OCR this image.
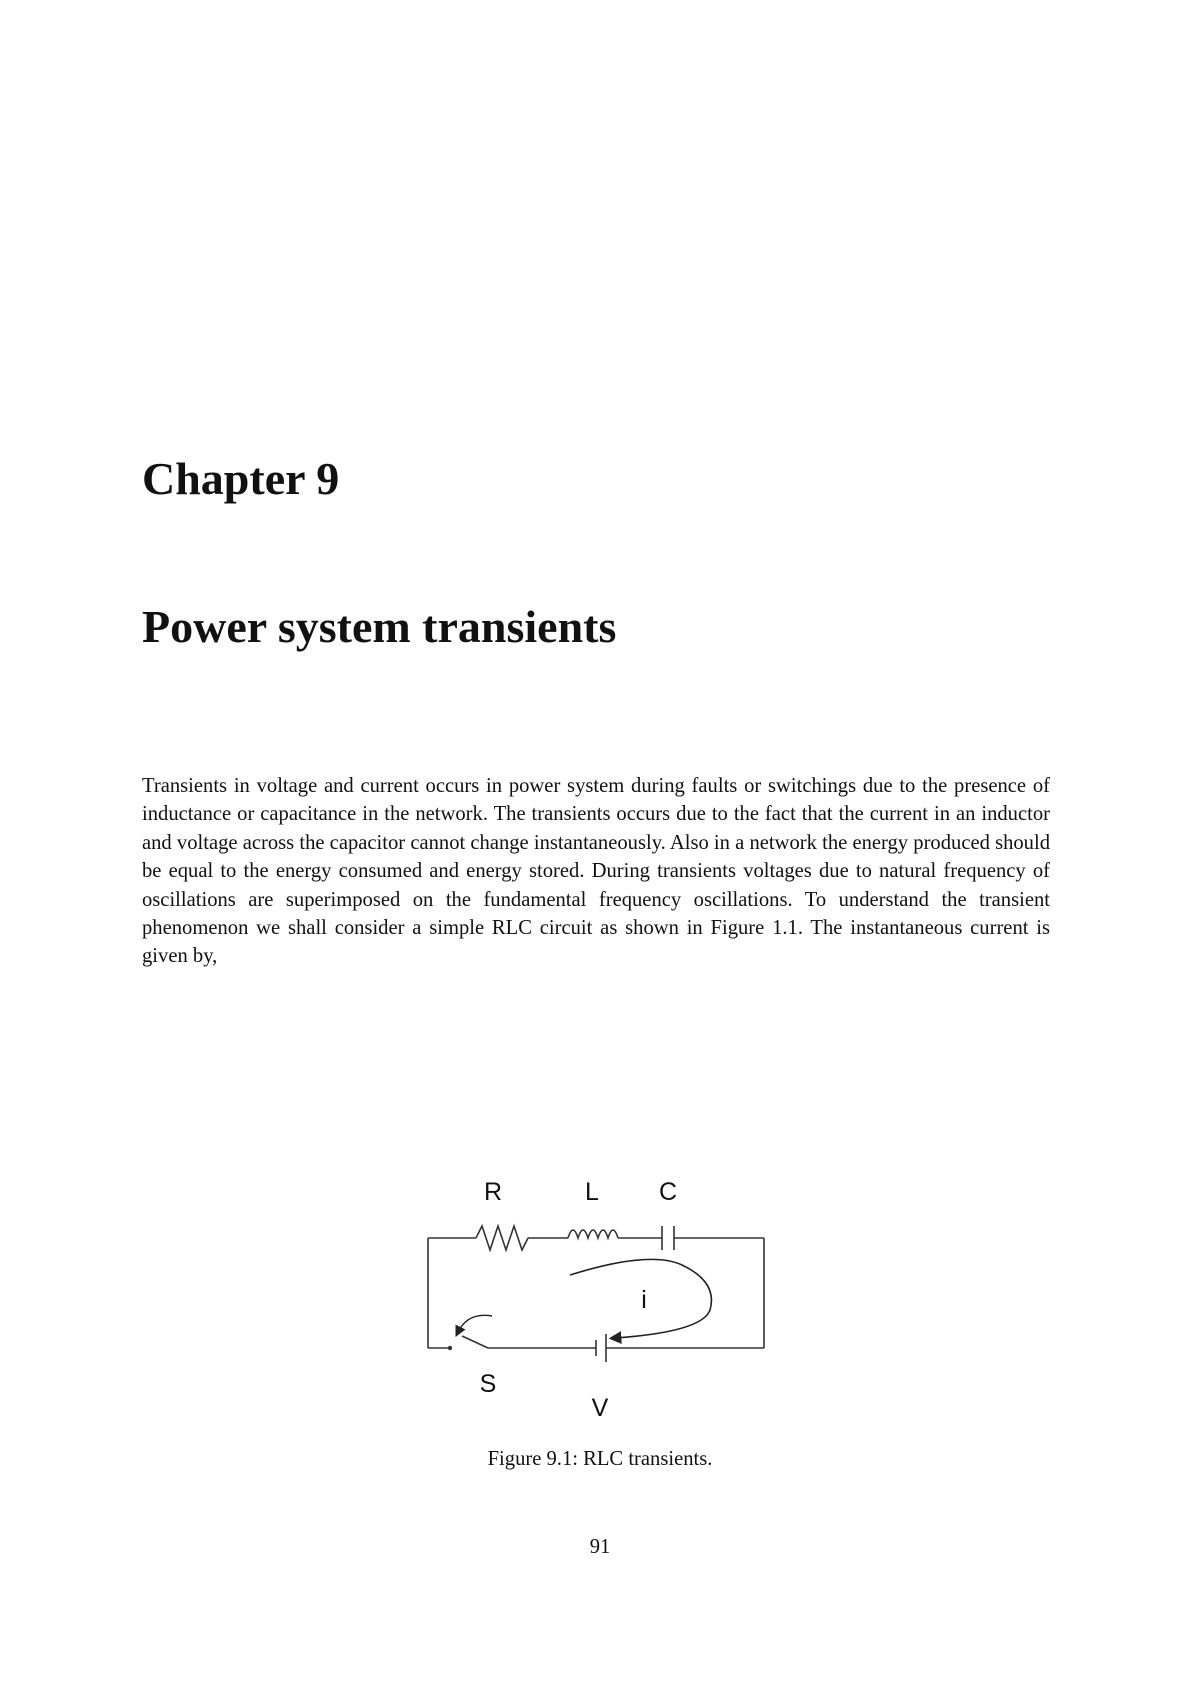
Chapter 9
Power system transients

Transients in voltage and current occurs in power system during faults or switchings due to the presence of inductance or capacitance in the network. The transients occurs due to the fact that the current in an inductor and voltage across the capacitor cannot change instantaneously. Also in a network the energy produced should be equal to the energy consumed and energy stored. During transients voltages due to natural frequency of oscillations are superimposed on the fundamental frequency oscillations. To understand the transient phenomenon we shall consider a simple RLC circuit as shown in Figure 1.1. The instantaneous current is given by,

R	L C
i
S
V

Figure 9.1: RLC transients.

91
